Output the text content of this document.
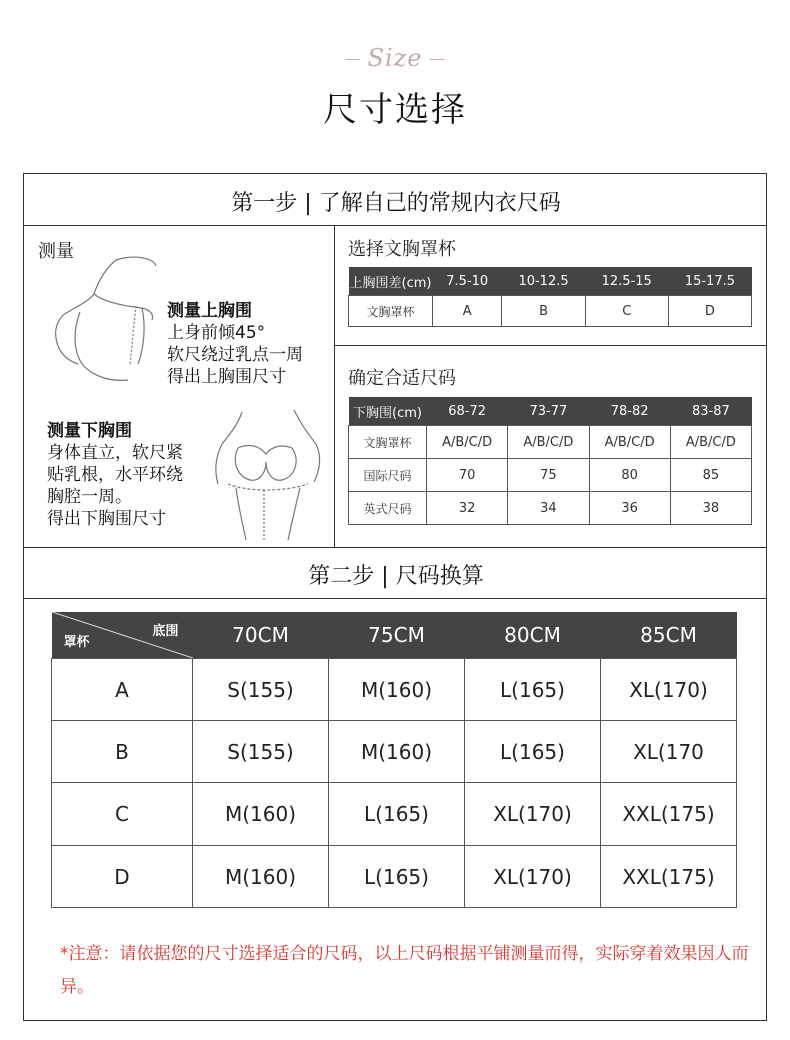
Size
尺寸选择
第一步 | 了解自己的常规内衣尺码
第二步 | 尺码换算
测量
测量上胸围
上身前倾45°
软尺绕过乳点一周
得出上胸围尺寸
测量下胸围
身体直立，软尺紧
贴乳根，水平环绕
胸腔一周。
得出下胸围尺寸
选择文胸罩杯
上胸围差(cm)	7.5-10	10-12.5	12.5-15	15-17.5
文胸罩杯	A	B	C	D
确定合适尺码
下胸围(cm)	68-72	73-77	78-82	83-87
文胸罩杯	A/B/C/D	A/B/C/D	A/B/C/D	A/B/C/D
国际尺码	70	75	80	85
英式尺码	32	34	36	38
底围
罩杯	70CM	75CM	80CM	85CM
A	S(155)	M(160)	L(165)	XL(170)
B	S(155)	M(160)	L(165)	XL(170
C	M(160)	L(165)	XL(170)	XXL(175)
D	M(160)	L(165)	XL(170)	XXL(175)
*注意：请依据您的尺寸选择适合的尺码，以上尺码根据平铺测量而得，实际穿着效果因人而异。
